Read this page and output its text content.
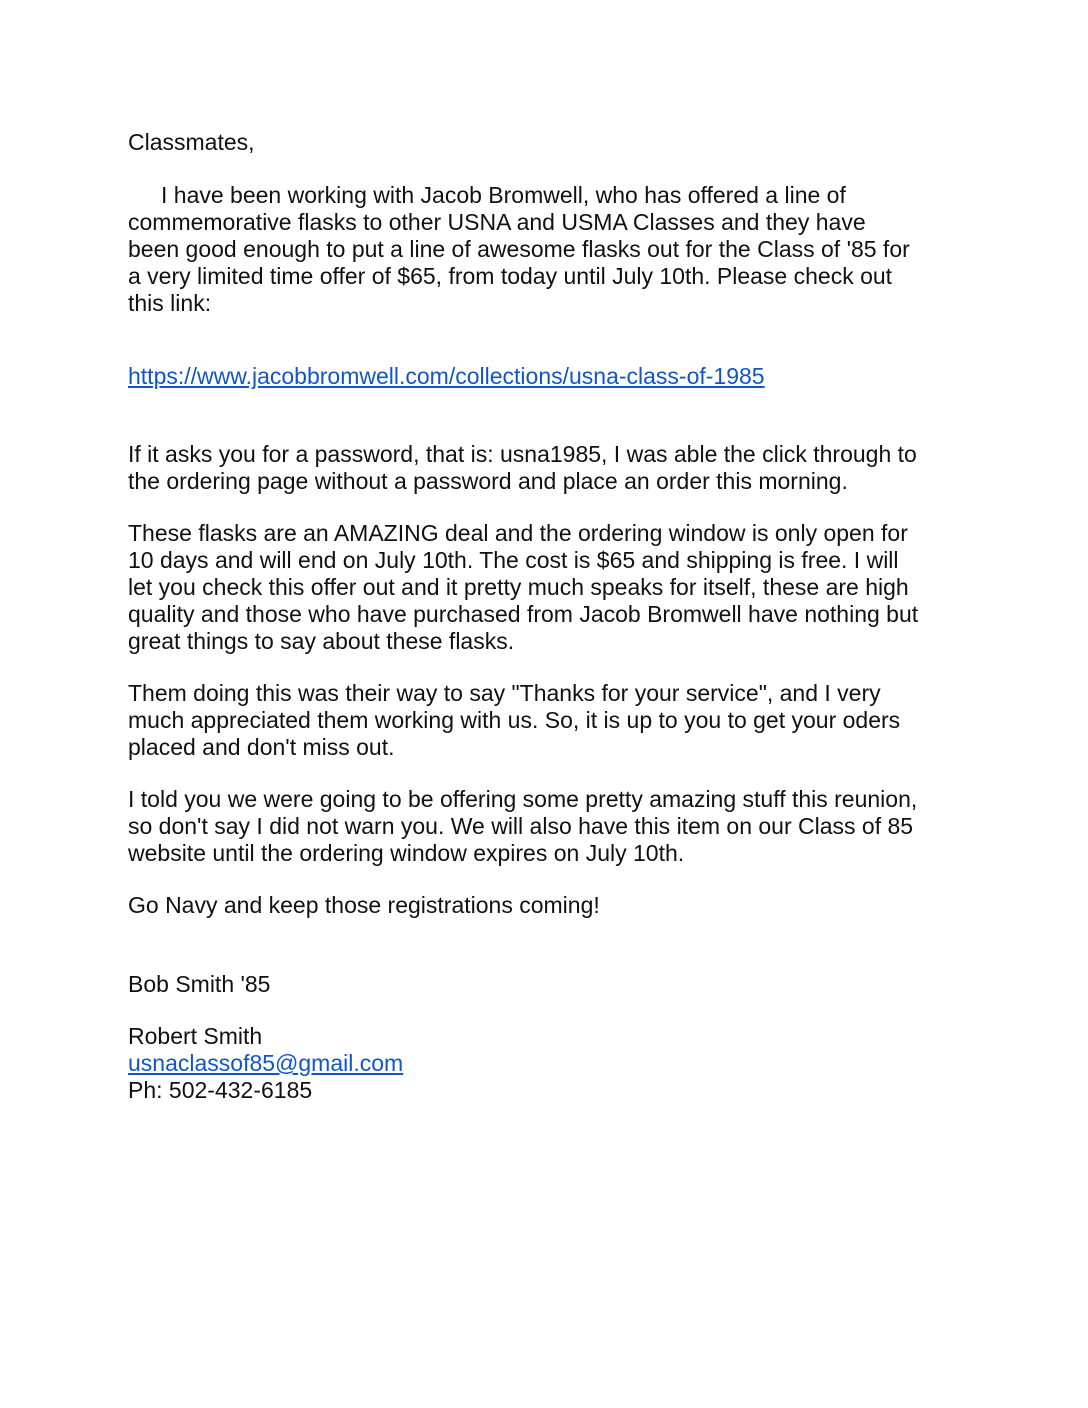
Classmates,

I have been working with Jacob Bromwell, who has offered a line of
commemorative flasks to other USNA and USMA Classes and they have
been good enough to put a line of awesome flasks out for the Class of '85 for
a very limited time offer of $65, from today until July 10th. Please check out
this link:

https://www.jacobbromwell.com/collections/usna-class-of-1985

If it asks you for a password, that is: usna1985, I was able the click through to
the ordering page without a password and place an order this morning.

These flasks are an AMAZING deal and the ordering window is only open for
10 days and will end on July 10th. The cost is $65 and shipping is free. I will
let you check this offer out and it pretty much speaks for itself, these are high
quality and those who have purchased from Jacob Bromwell have nothing but
great things to say about these flasks.

Them doing this was their way to say "Thanks for your service", and I very
much appreciated them working with us. So, it is up to you to get your oders
placed and don't miss out.

I told you we were going to be offering some pretty amazing stuff this reunion,
so don't say I did not warn you. We will also have this item on our Class of 85
website until the ordering window expires on July 10th.

Go Navy and keep those registrations coming!

Bob Smith '85

Robert Smith
usnaclassof85@gmail.com
Ph: 502-432-6185
